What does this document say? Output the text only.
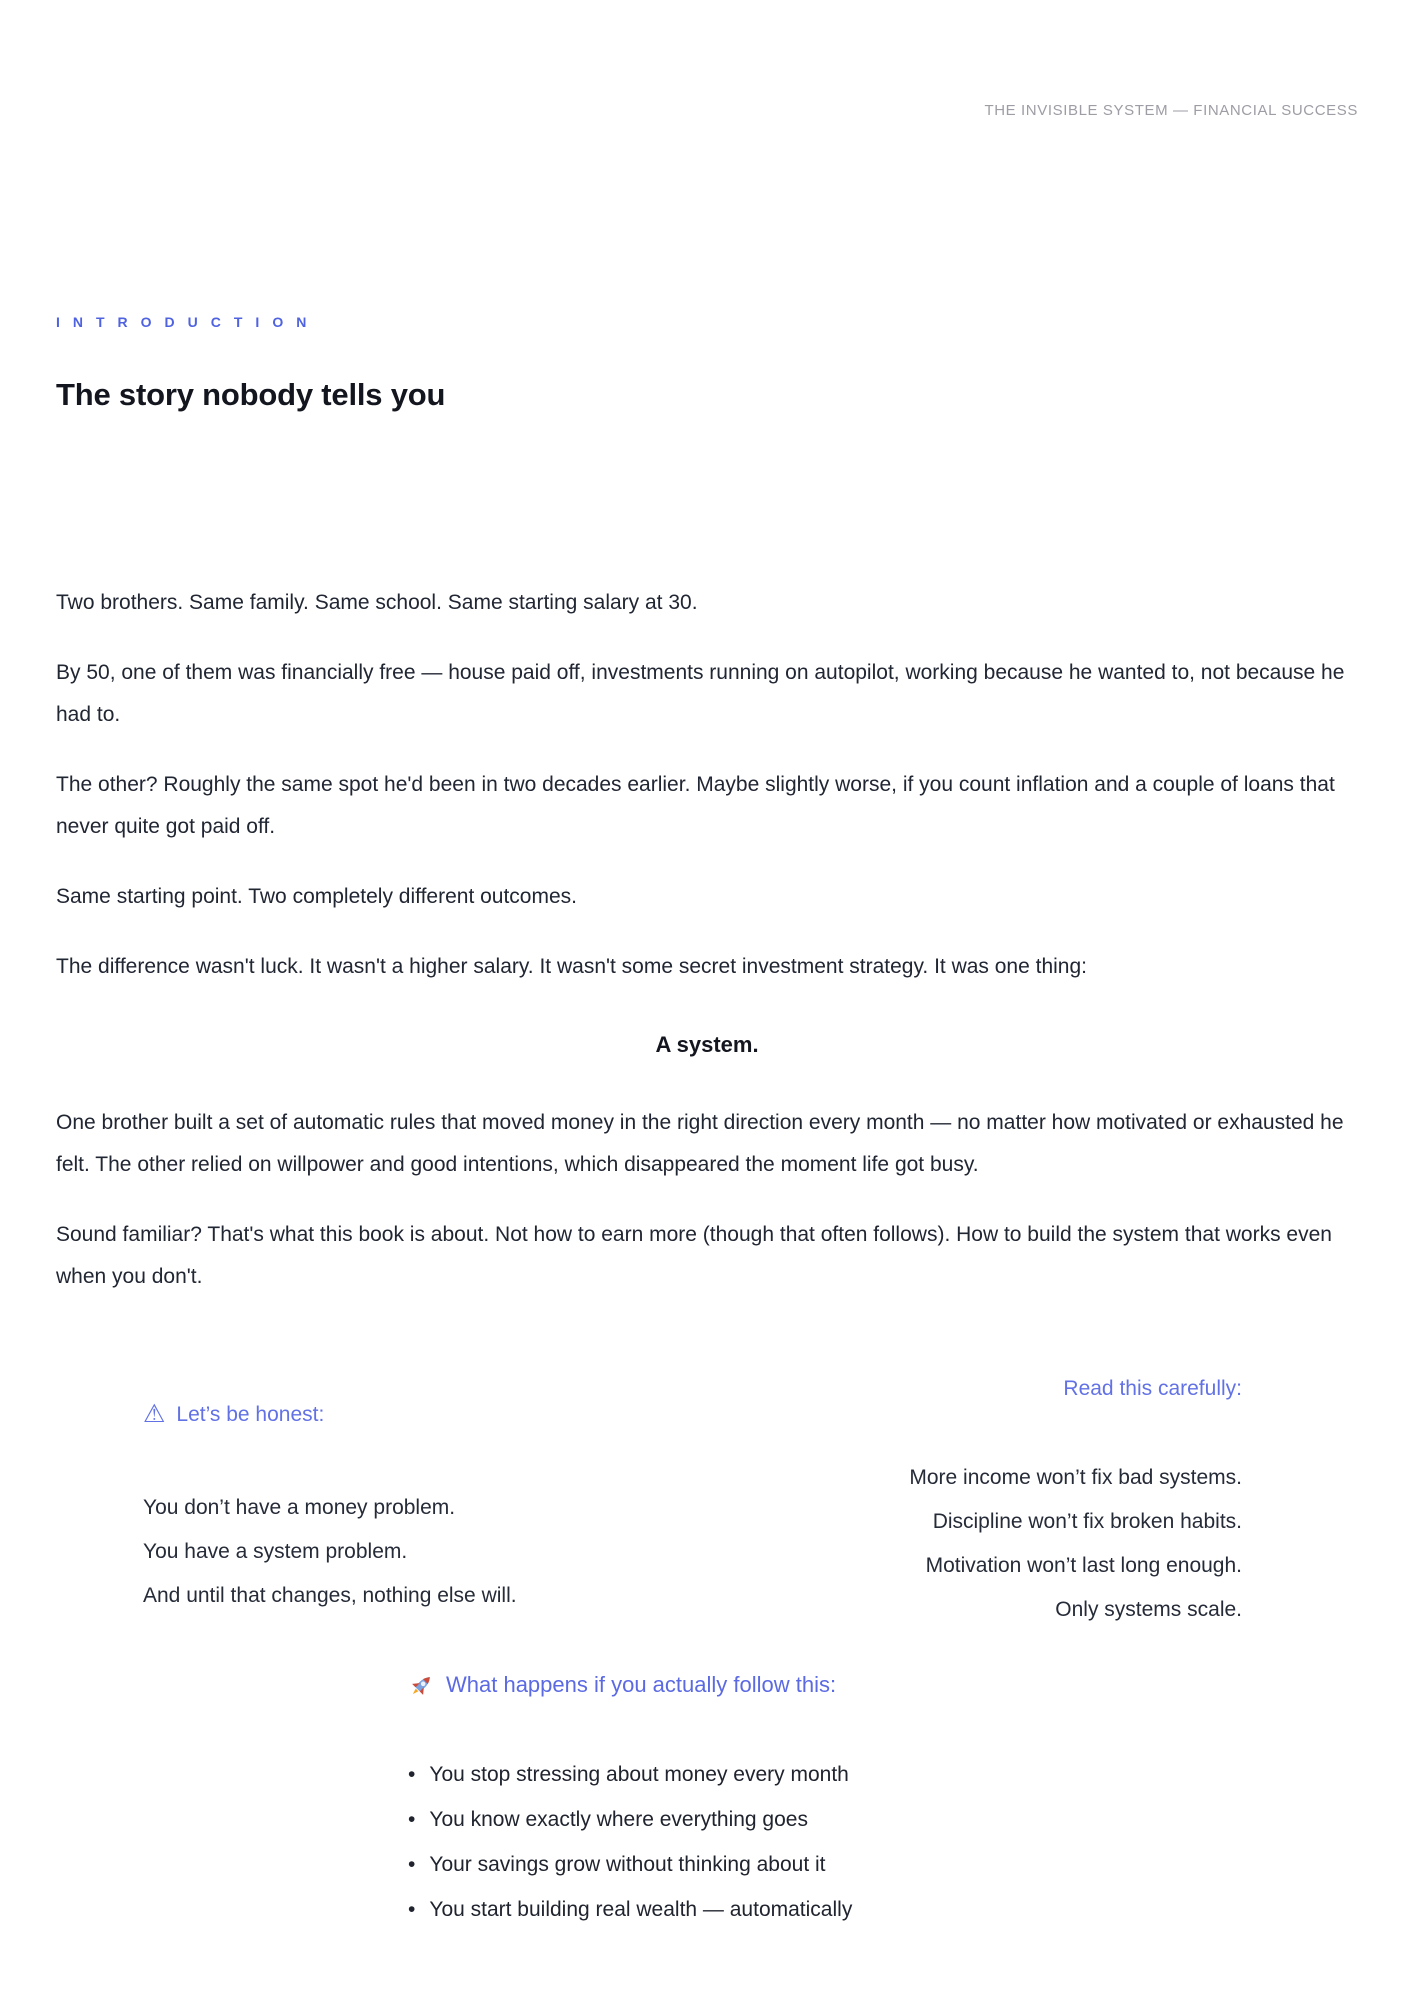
THE INVISIBLE SYSTEM — FINANCIAL SUCCESS
INTRODUCTION
The story nobody tells you

Two brothers. Same family. Same school. Same starting salary at 30.

By 50, one of them was financially free — house paid off, investments running on autopilot, working because he wanted to, not because he had to.

The other? Roughly the same spot he'd been in two decades earlier. Maybe slightly worse, if you count inflation and a couple of loans that never quite got paid off.

Same starting point. Two completely different outcomes.

The difference wasn't luck. It wasn't a higher salary. It wasn't some secret investment strategy. It was one thing:

A system.

One brother built a set of automatic rules that moved money in the right direction every month — no matter how motivated or exhausted he felt. The other relied on willpower and good intentions, which disappeared the moment life got busy.

Sound familiar? That's what this book is about. Not how to earn more (though that often follows). How to build the system that works even when you don't.

⚠ Let’s be honest:
You don’t have a money problem.
You have a system problem.
And until that changes, nothing else will.
Read this carefully:
More income won’t fix bad systems.
Discipline won’t fix broken habits.
Motivation won’t last long enough.
Only systems scale.
What happens if you actually follow this:
• You stop stressing about money every month
• You know exactly where everything goes
• Your savings grow without thinking about it
• You start building real wealth — automatically
